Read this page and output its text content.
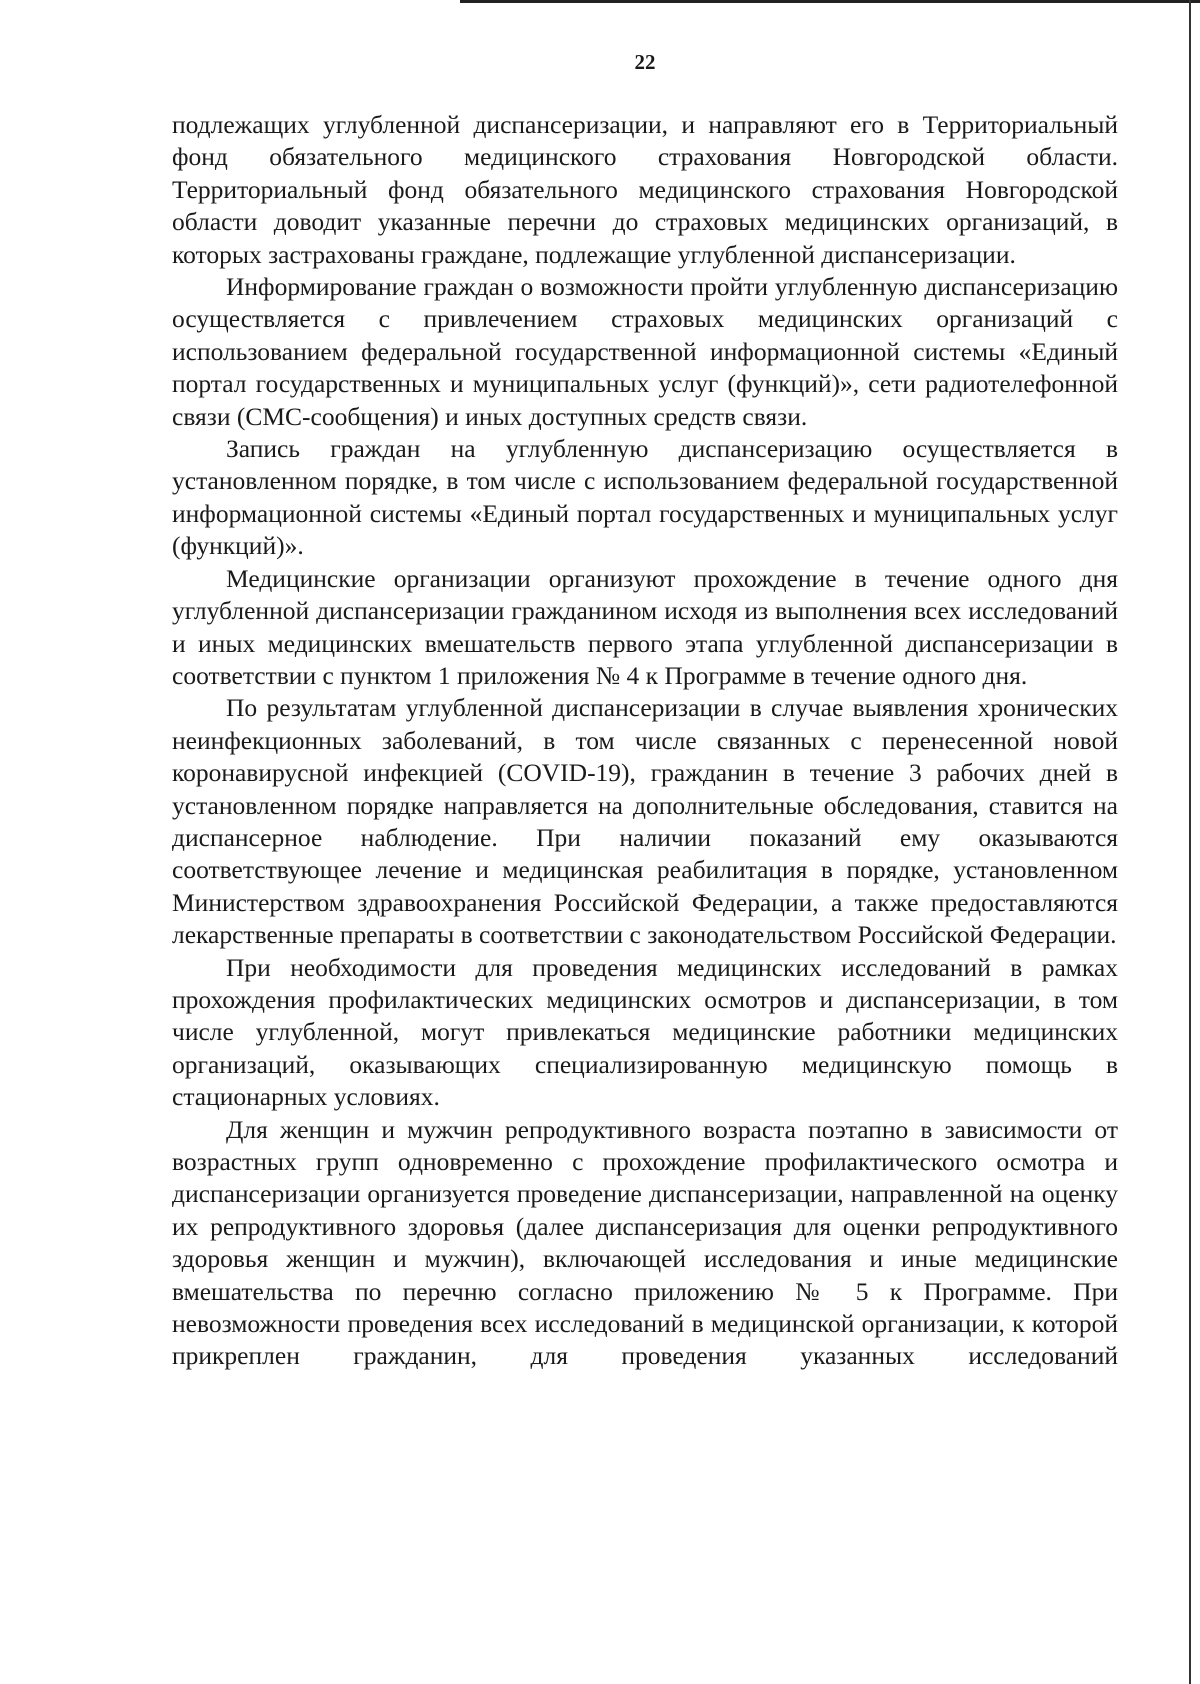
22

подлежащих углубленной диспансеризации, и направляют его в Территориальный фонд обязательного медицинского страхования Новгородской области. Территориальный фонд обязательного медицинского страхования Новгородской области доводит указанные перечни до страховых медицинских организаций, в которых застрахованы граждане, подлежащие углубленной диспансеризации.

Информирование граждан о возможности пройти углубленную диспансеризацию осуществляется с привлечением страховых медицинских организаций с использованием федеральной государственной информационной системы «Единый портал государственных и муниципальных услуг (функций)», сети радиотелефонной связи (СМС-сообщения) и иных доступных средств связи.

Запись граждан на углубленную диспансеризацию осуществляется в установленном порядке, в том числе с использованием федеральной государственной информационной системы «Единый портал государственных и муниципальных услуг (функций)».

Медицинские организации организуют прохождение в течение одного дня углубленной диспансеризации гражданином исходя из выполнения всех исследований и иных медицинских вмешательств первого этапа углубленной диспансеризации в соответствии с пунктом 1 приложения № 4 к Программе в течение одного дня.

По результатам углубленной диспансеризации в случае выявления хронических неинфекционных заболеваний, в том числе связанных с перенесенной новой коронавирусной инфекцией (COVID-19), гражданин в течение 3 рабочих дней в установленном порядке направляется на дополнительные обследования, ставится на диспансерное наблюдение. При наличии показаний ему оказываются соответствующее лечение и медицинская реабилитация в порядке, установленном Министерством здравоохранения Российской Федерации, а также предоставляются лекарственные препараты в соответствии с законодательством Российской Федерации.

При необходимости для проведения медицинских исследований в рамках прохождения профилактических медицинских осмотров и диспансеризации, в том числе углубленной, могут привлекаться медицинские работники медицинских организаций, оказывающих специализированную медицинскую помощь в стационарных условиях.

Для женщин и мужчин репродуктивного возраста поэтапно в зависимости от возрастных групп одновременно с прохождение профилактического осмотра и диспансеризации организуется проведение диспансеризации, направленной на оценку их репродуктивного здоровья (далее диспансеризация для оценки репродуктивного здоровья женщин и мужчин), включающей исследования и иные медицинские вмешательства по перечню согласно приложению № 5 к Программе. При невозможности проведения всех исследований в медицинской организации, к которой прикреплен гражданин, для проведения указанных исследований
